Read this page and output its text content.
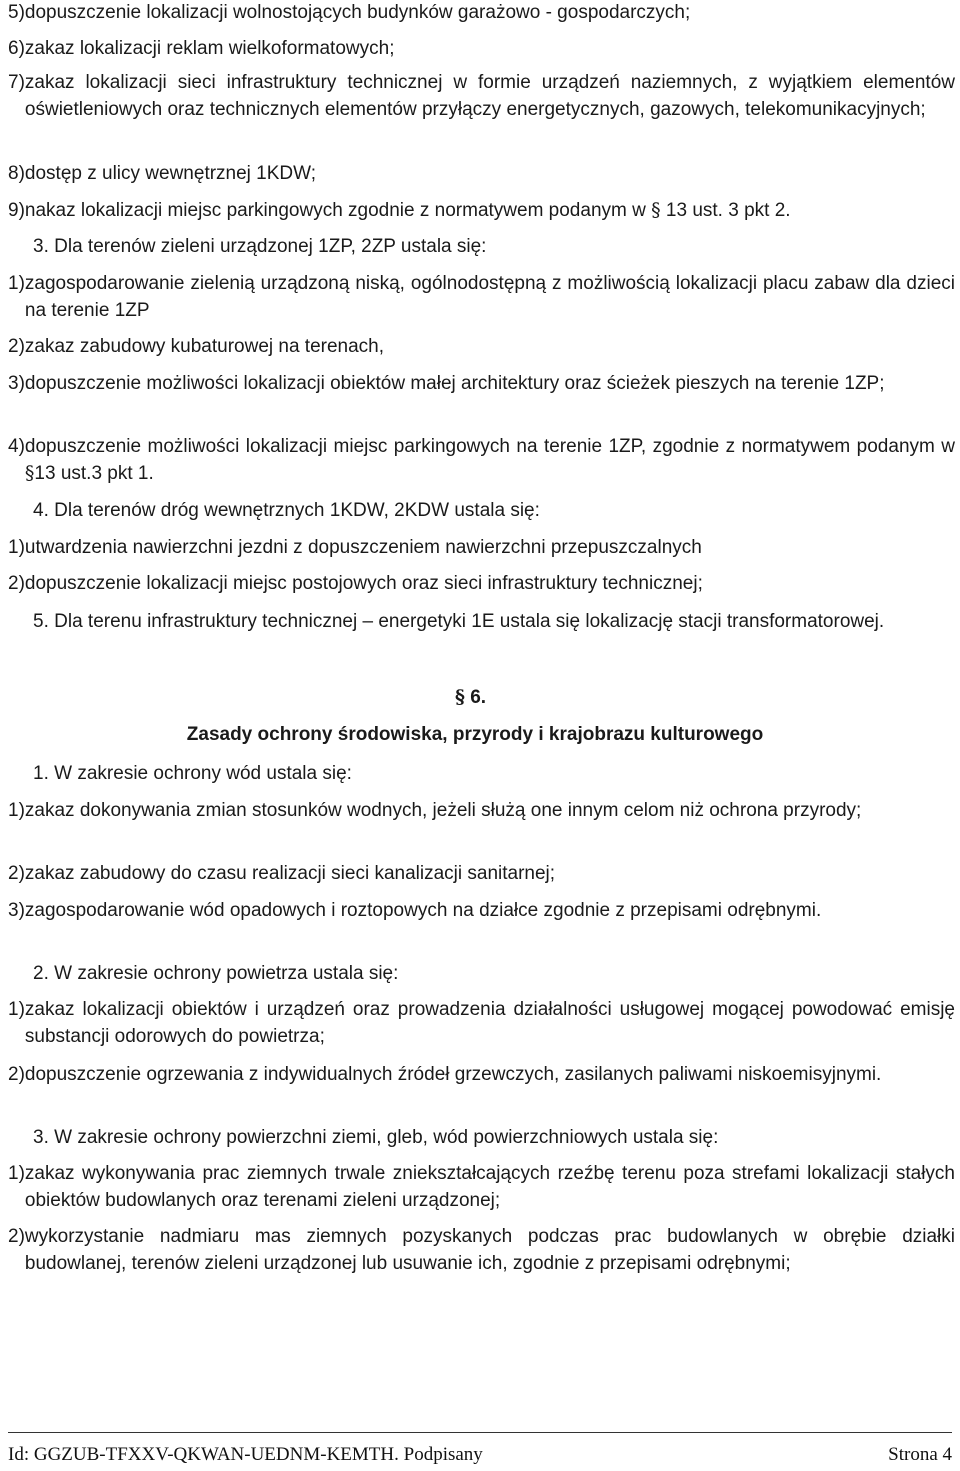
5) dopuszczenie lokalizacji wolnostojących budynków garażowo - gospodarczych;
6) zakaz lokalizacji reklam wielkoformatowych;
7) zakaz lokalizacji sieci infrastruktury technicznej w formie urządzeń naziemnych, z wyjątkiem elementów oświetleniowych oraz technicznych elementów przyłączy energetycznych, gazowych, telekomunikacyjnych;
8) dostęp z ulicy wewnętrznej 1KDW;
9) nakaz lokalizacji miejsc parkingowych zgodnie z normatywem podanym w § 13 ust. 3 pkt 2.
3. Dla terenów zieleni urządzonej 1ZP, 2ZP ustala się:
1) zagospodarowanie zielenią urządzoną niską, ogólnodostępną z możliwością lokalizacji placu zabaw dla dzieci na terenie 1ZP
2) zakaz zabudowy kubaturowej na terenach,
3) dopuszczenie możliwości lokalizacji obiektów małej architektury oraz ścieżek pieszych na terenie 1ZP;
4) dopuszczenie możliwości lokalizacji miejsc parkingowych na terenie 1ZP, zgodnie z normatywem podanym w §13 ust.3 pkt 1.
4. Dla terenów dróg wewnętrznych 1KDW, 2KDW ustala się:
1) utwardzenia nawierzchni jezdni z dopuszczeniem nawierzchni przepuszczalnych
2) dopuszczenie lokalizacji miejsc postojowych oraz sieci infrastruktury technicznej;
5. Dla terenu infrastruktury technicznej – energetyki 1E ustala się lokalizację stacji transformatorowej.
§ 6.
Zasady ochrony środowiska, przyrody i krajobrazu kulturowego
1. W zakresie ochrony wód ustala się:
1) zakaz dokonywania zmian stosunków wodnych, jeżeli służą one innym celom niż ochrona przyrody;
2) zakaz zabudowy do czasu realizacji sieci kanalizacji sanitarnej;
3) zagospodarowanie wód opadowych i roztopowych na działce zgodnie z przepisami odrębnymi.
2. W zakresie ochrony powietrza ustala się:
1) zakaz lokalizacji obiektów i urządzeń oraz prowadzenia działalności usługowej mogącej powodować emisję substancji odorowych do powietrza;
2) dopuszczenie ogrzewania z indywidualnych źródeł grzewczych, zasilanych paliwami niskoemisyjnymi.
3. W zakresie ochrony powierzchni ziemi, gleb, wód powierzchniowych ustala się:
1) zakaz wykonywania prac ziemnych trwale zniekształcających rzeźbę terenu poza strefami lokalizacji stałych obiektów budowlanych oraz terenami zieleni urządzonej;
2) wykorzystanie nadmiaru mas ziemnych pozyskanych podczas prac budowlanych w obrębie działki budowlanej, terenów zieleni urządzonej lub usuwanie ich, zgodnie z przepisami odrębnymi;
Id: GGZUB-TFXXV-QKWAN-UEDNM-KEMTH. Podpisany	Strona 4
